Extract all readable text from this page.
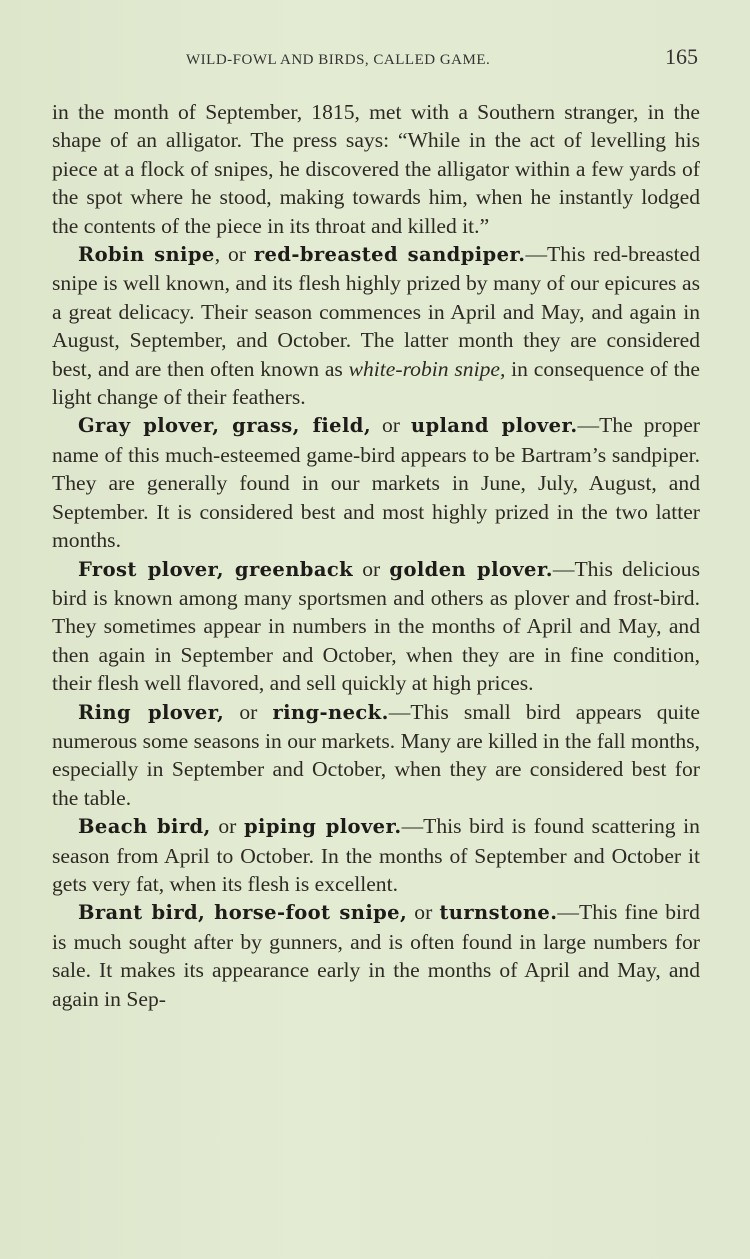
WILD-FOWL AND BIRDS, CALLED GAME.	165

in the month of September, 1815, met with a Southern stranger, in the shape of an alligator. The press says: “While in the act of levelling his piece at a flock of snipes, he discovered the alligator within a few yards of the spot where he stood, making towards him, when he instantly lodged the contents of the piece in its throat and killed it.”

Robin snipe, or red-breasted sandpiper.—This red-breasted snipe is well known, and its flesh highly prized by many of our epicures as a great delicacy. Their season commences in April and May, and again in August, September, and October. The latter month they are considered best, and are then often known as white-robin snipe, in consequence of the light change of their feathers.

Gray plover, grass, field, or upland plover.—The proper name of this much-esteemed game-bird appears to be Bartram’s sandpiper. They are generally found in our markets in June, July, August, and September. It is considered best and most highly prized in the two latter months.

Frost plover, greenback or golden plover.—This delicious bird is known among many sportsmen and others as plover and frost-bird. They sometimes appear in numbers in the months of April and May, and then again in September and October, when they are in fine condition, their flesh well flavored, and sell quickly at high prices.

Ring plover, or ring-neck.—This small bird appears quite numerous some seasons in our markets. Many are killed in the fall months, especially in September and October, when they are considered best for the table.

Beach bird, or piping plover.—This bird is found scattering in season from April to October. In the months of September and October it gets very fat, when its flesh is excellent.

Brant bird, horse-foot snipe, or turnstone.—This fine bird is much sought after by gunners, and is often found in large numbers for sale. It makes its appearance early in the months of April and May, and again in Sep-
